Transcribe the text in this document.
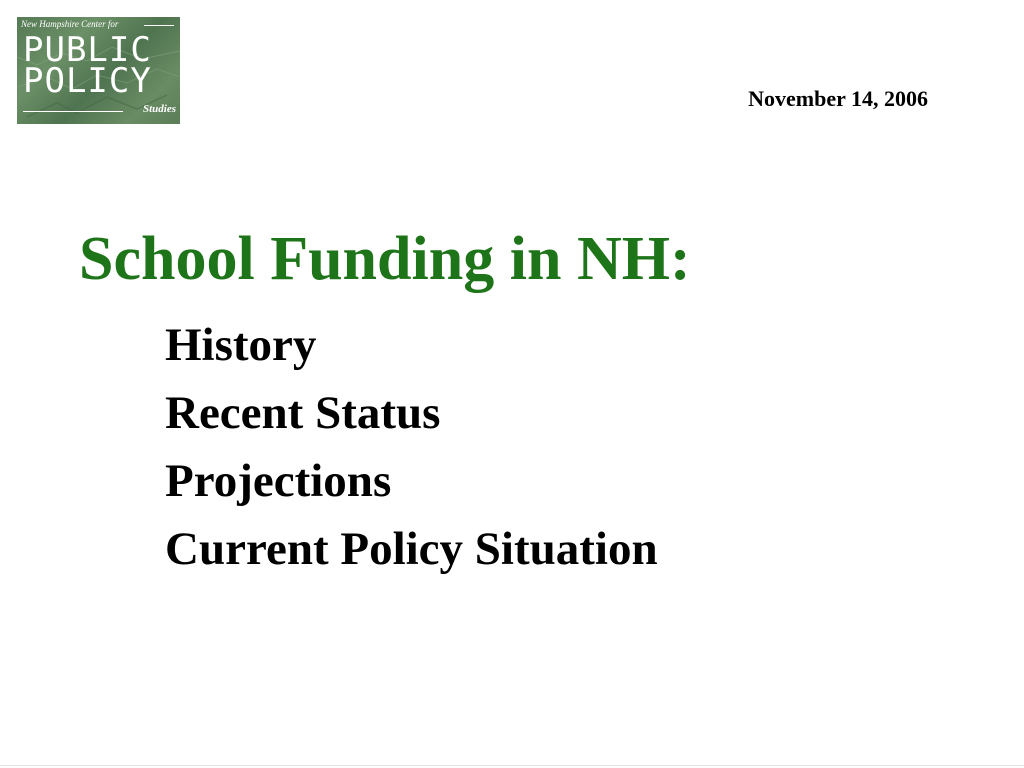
New Hampshire Center for
PUBLIC
POLICY
Studies	November 14, 2006
School Funding in NH:
History
Recent Status
Projections
Current Policy Situation
